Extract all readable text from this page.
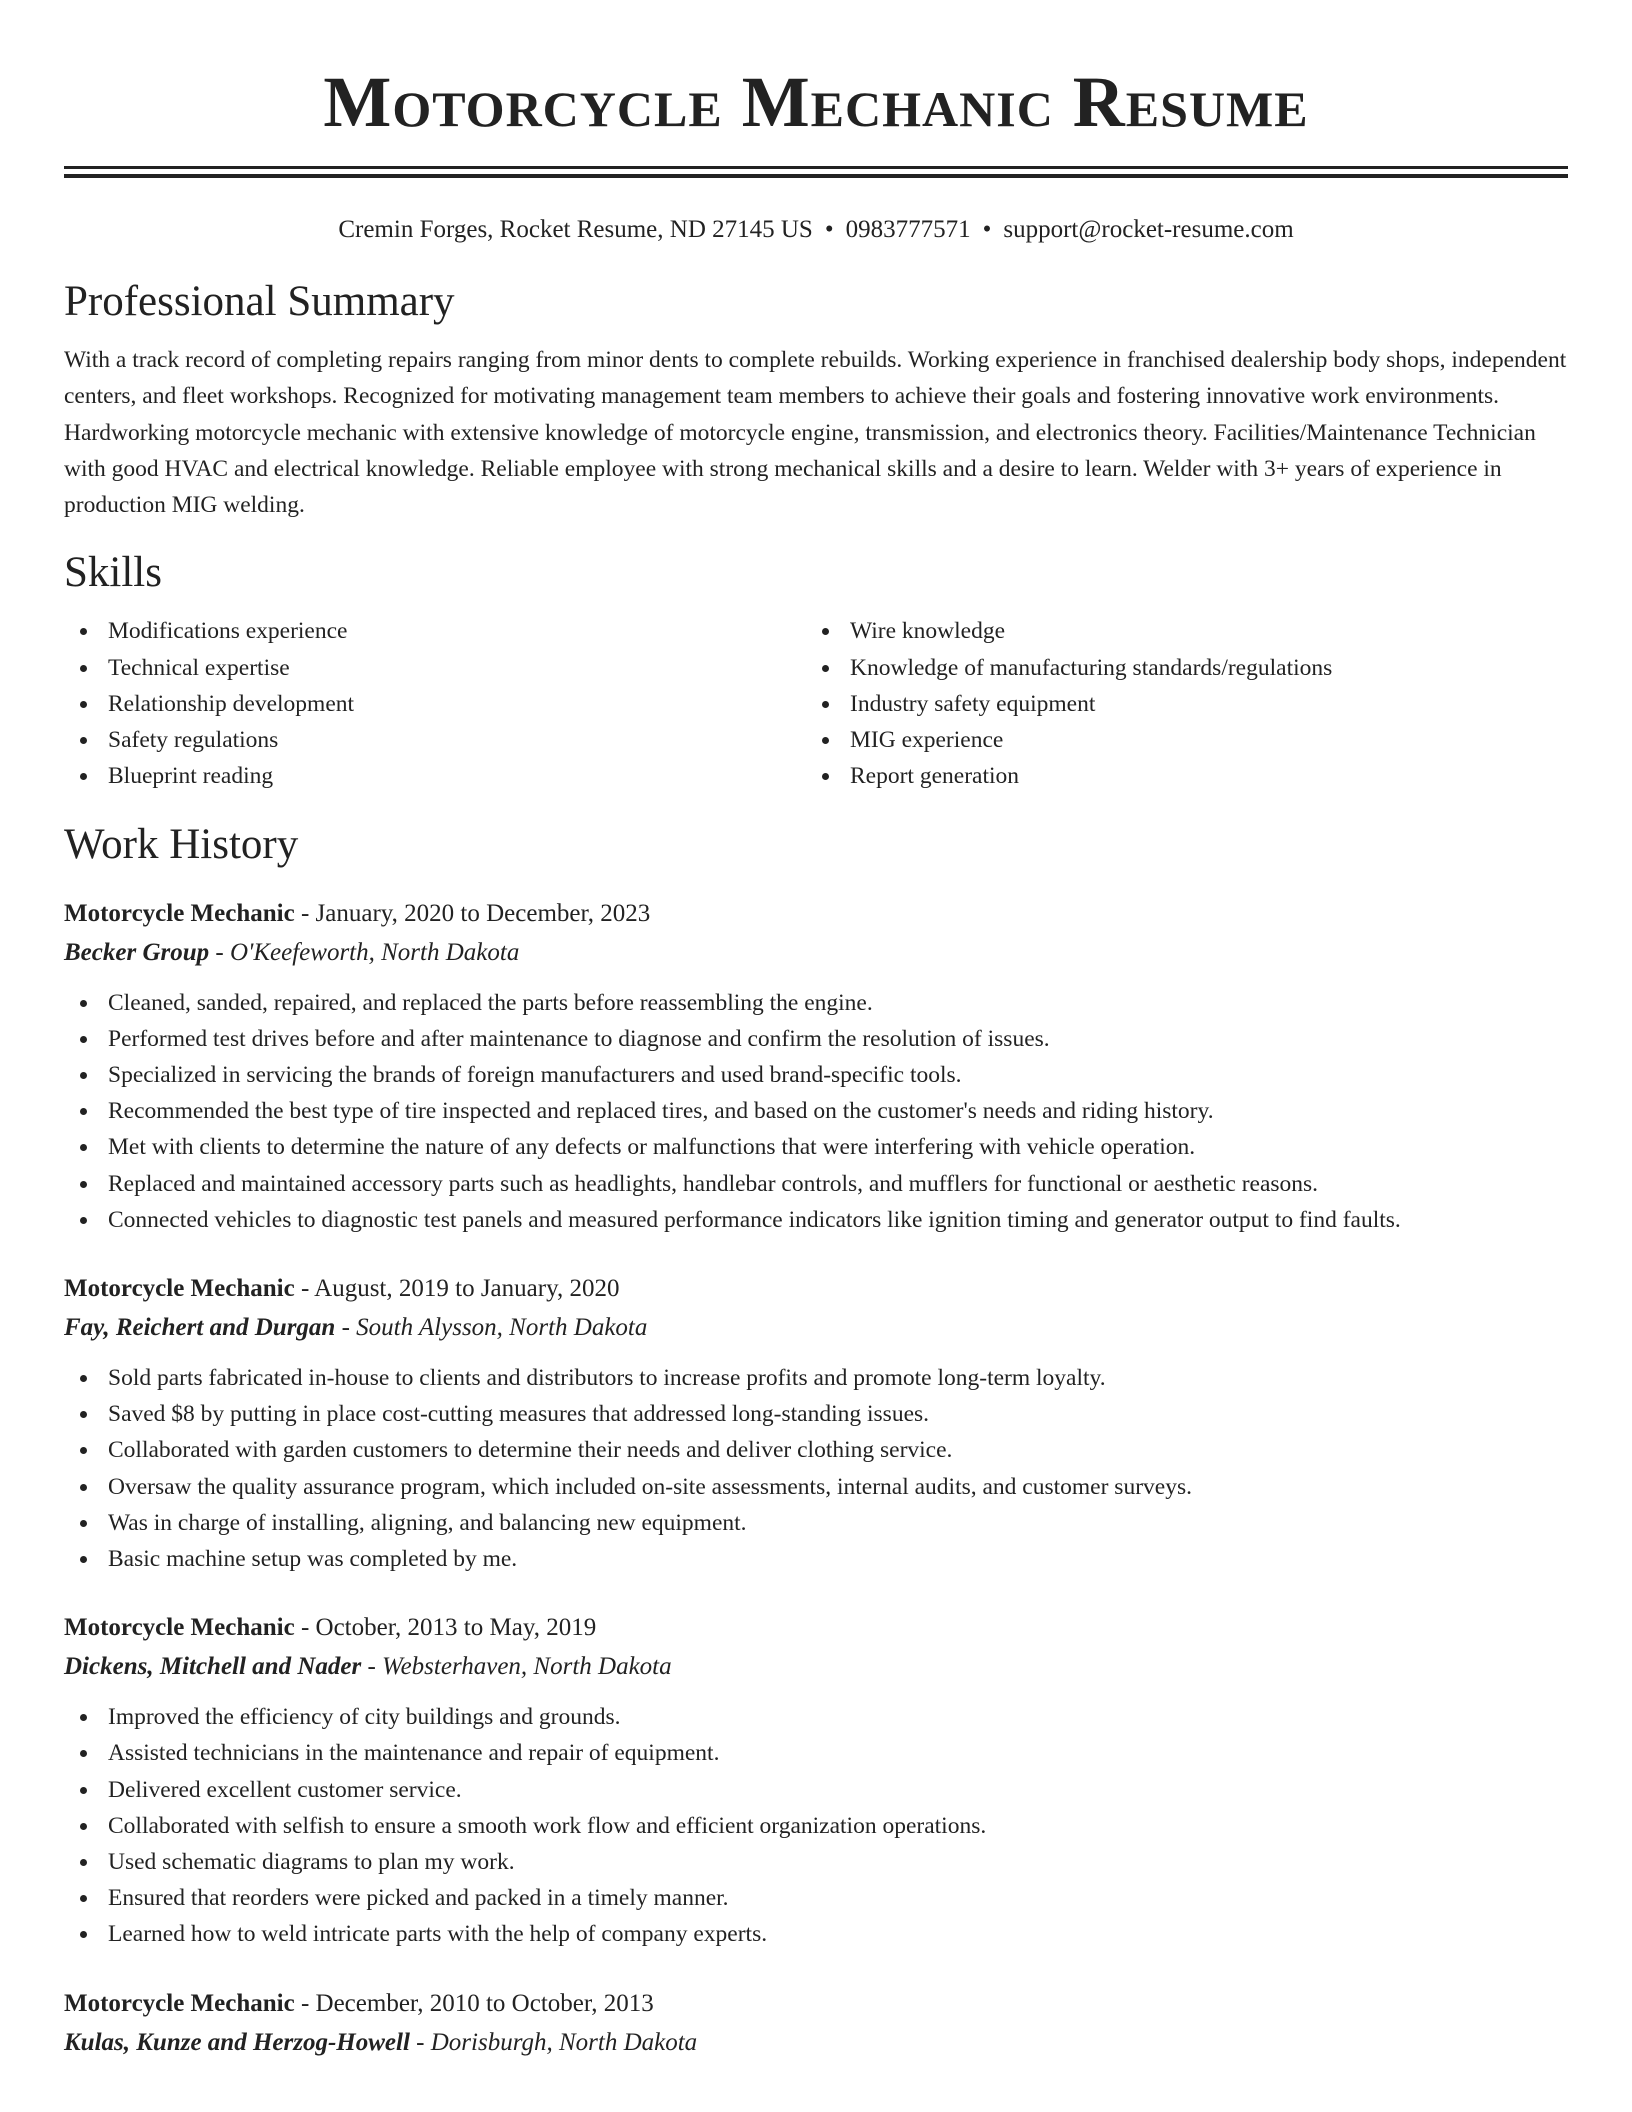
Motorcycle Mechanic Resume
Cremin Forges, Rocket Resume, ND 27145 US • 0983777571 • support@rocket-resume.com
Professional Summary

With a track record of completing repairs ranging from minor dents to complete rebuilds. Working experience in franchised dealership body shops, independent centers, and fleet workshops. Recognized for motivating management team members to achieve their goals and fostering innovative work environments. Hardworking motorcycle mechanic with extensive knowledge of motorcycle engine, transmission, and electronics theory. Facilities/Maintenance Technician with good HVAC and electrical knowledge. Reliable employee with strong mechanical skills and a desire to learn. Welder with 3+ years of experience in production MIG welding.

Skills
Modifications experience
Technical expertise
Relationship development
Safety regulations
Blueprint reading
Wire knowledge
Knowledge of manufacturing standards/regulations
Industry safety equipment
MIG experience
Report generation
Work History
Motorcycle Mechanic - January, 2020 to December, 2023
Becker Group - O'Keefeworth, North Dakota
Cleaned, sanded, repaired, and replaced the parts before reassembling the engine.
Performed test drives before and after maintenance to diagnose and confirm the resolution of issues.
Specialized in servicing the brands of foreign manufacturers and used brand-specific tools.
Recommended the best type of tire inspected and replaced tires, and based on the customer's needs and riding history.
Met with clients to determine the nature of any defects or malfunctions that were interfering with vehicle operation.
Replaced and maintained accessory parts such as headlights, handlebar controls, and mufflers for functional or aesthetic reasons.
Connected vehicles to diagnostic test panels and measured performance indicators like ignition timing and generator output to find faults.
Motorcycle Mechanic - August, 2019 to January, 2020
Fay, Reichert and Durgan - South Alysson, North Dakota
Sold parts fabricated in-house to clients and distributors to increase profits and promote long-term loyalty.
Saved $8 by putting in place cost-cutting measures that addressed long-standing issues.
Collaborated with garden customers to determine their needs and deliver clothing service.
Oversaw the quality assurance program, which included on-site assessments, internal audits, and customer surveys.
Was in charge of installing, aligning, and balancing new equipment.
Basic machine setup was completed by me.
Motorcycle Mechanic - October, 2013 to May, 2019
Dickens, Mitchell and Nader - Websterhaven, North Dakota
Improved the efficiency of city buildings and grounds.
Assisted technicians in the maintenance and repair of equipment.
Delivered excellent customer service.
Collaborated with selfish to ensure a smooth work flow and efficient organization operations.
Used schematic diagrams to plan my work.
Ensured that reorders were picked and packed in a timely manner.
Learned how to weld intricate parts with the help of company experts.
Motorcycle Mechanic - December, 2010 to October, 2013
Kulas, Kunze and Herzog-Howell - Dorisburgh, North Dakota
